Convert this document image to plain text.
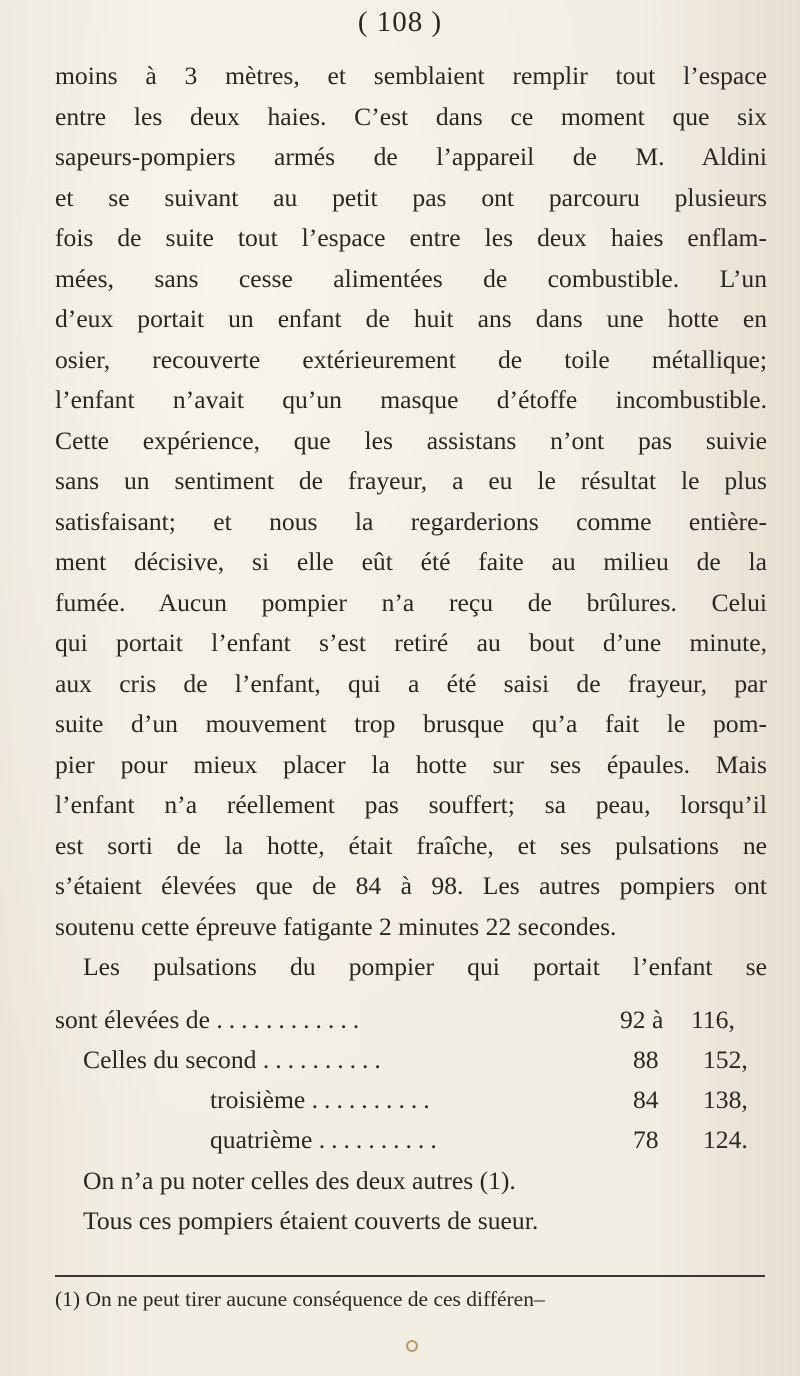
( 108 )
moins à 3 mètres, et semblaient remplir tout l’espace
entre les deux haies. C’est dans ce moment que six
sapeurs-pompiers armés de l’appareil de M. Aldini
et se suivant au petit pas ont parcouru plusieurs
fois de suite tout l’espace entre les deux haies enflam-
mées, sans cesse alimentées de combustible. L’un
d’eux portait un enfant de huit ans dans une hotte en
osier, recouverte extérieurement de toile métallique;
l’enfant n’avait qu’un masque d’étoffe incombustible.
Cette expérience, que les assistans n’ont pas suivie
sans un sentiment de frayeur, a eu le résultat le plus
satisfaisant; et nous la regarderions comme entière-
ment décisive, si elle eût été faite au milieu de la
fumée. Aucun pompier n’a reçu de brûlures. Celui
qui portait l’enfant s’est retiré au bout d’une minute,
aux cris de l’enfant, qui a été saisi de frayeur, par
suite d’un mouvement trop brusque qu’a fait le pom-
pier pour mieux placer la hotte sur ses épaules. Mais
l’enfant n’a réellement pas souffert; sa peau, lorsqu’il
est sorti de la hotte, était fraîche, et ses pulsations ne
s’étaient élevées que de 84 à 98. Les autres pompiers ont
soutenu cette épreuve fatigante 2 minutes 22 secondes.
Les pulsations du pompier qui portait l’enfant se
sont élevées de ............	92 à 116,
Celles du second ..........	88 152,
troisième ..........	84 138,
quatrième ..........	78 124.
On n’a pu noter celles des deux autres (1).
Tous ces pompiers étaient couverts de sueur.
(1) On ne peut tirer aucune conséquence de ces différen–
